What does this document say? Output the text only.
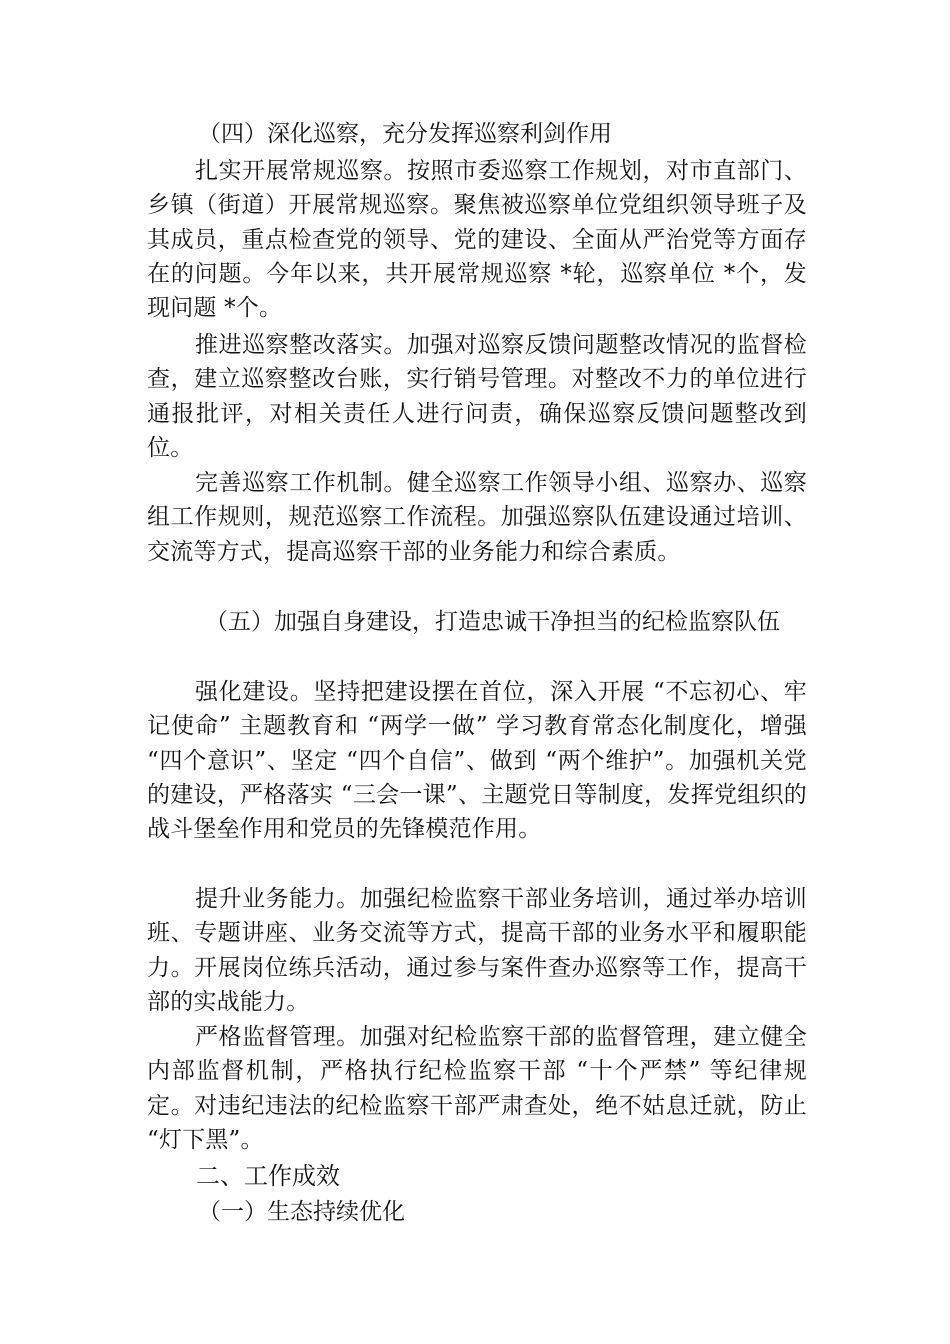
（四）深化巡察，充分发挥巡察利剑作用

扎实开展常规巡察。按照市委巡察工作规划，对市直部门、乡镇（街道）开展常规巡察。聚焦被巡察单位党组织领导班子及其成员，重点检查党的领导、党的建设、全面从严治党等方面存在的问题。今年以来，共开展常规巡察 *轮，巡察单位 *个，发现问题 *个。

推进巡察整改落实。加强对巡察反馈问题整改情况的监督检查，建立巡察整改台账，实行销号管理。对整改不力的单位进行通报批评，对相关责任人进行问责，确保巡察反馈问题整改到位。

完善巡察工作机制。健全巡察工作领导小组、巡察办、巡察组工作规则，规范巡察工作流程。加强巡察队伍建设通过培训、交流等方式，提高巡察干部的业务能力和综合素质。

（五）加强自身建设，打造忠诚干净担当的纪检监察队伍

强化建设。坚持把建设摆在首位，深入开展 “不忘初心、牢记使命” 主题教育和 “两学一做” 学习教育常态化制度化，增强 “四个意识”、坚定 “四个自信”、做到 “两个维护”。加强机关党的建设，严格落实 “三会一课”、主题党日等制度，发挥党组织的战斗堡垒作用和党员的先锋模范作用。

提升业务能力。加强纪检监察干部业务培训，通过举办培训班、专题讲座、业务交流等方式，提高干部的业务水平和履职能力。开展岗位练兵活动，通过参与案件查办巡察等工作，提高干部的实战能力。

严格监督管理。加强对纪检监察干部的监督管理，建立健全内部监督机制，严格执行纪检监察干部 “十个严禁” 等纪律规定。对违纪违法的纪检监察干部严肃查处，绝不姑息迁就，防止 “灯下黑”。

二、工作成效

（一）生态持续优化
